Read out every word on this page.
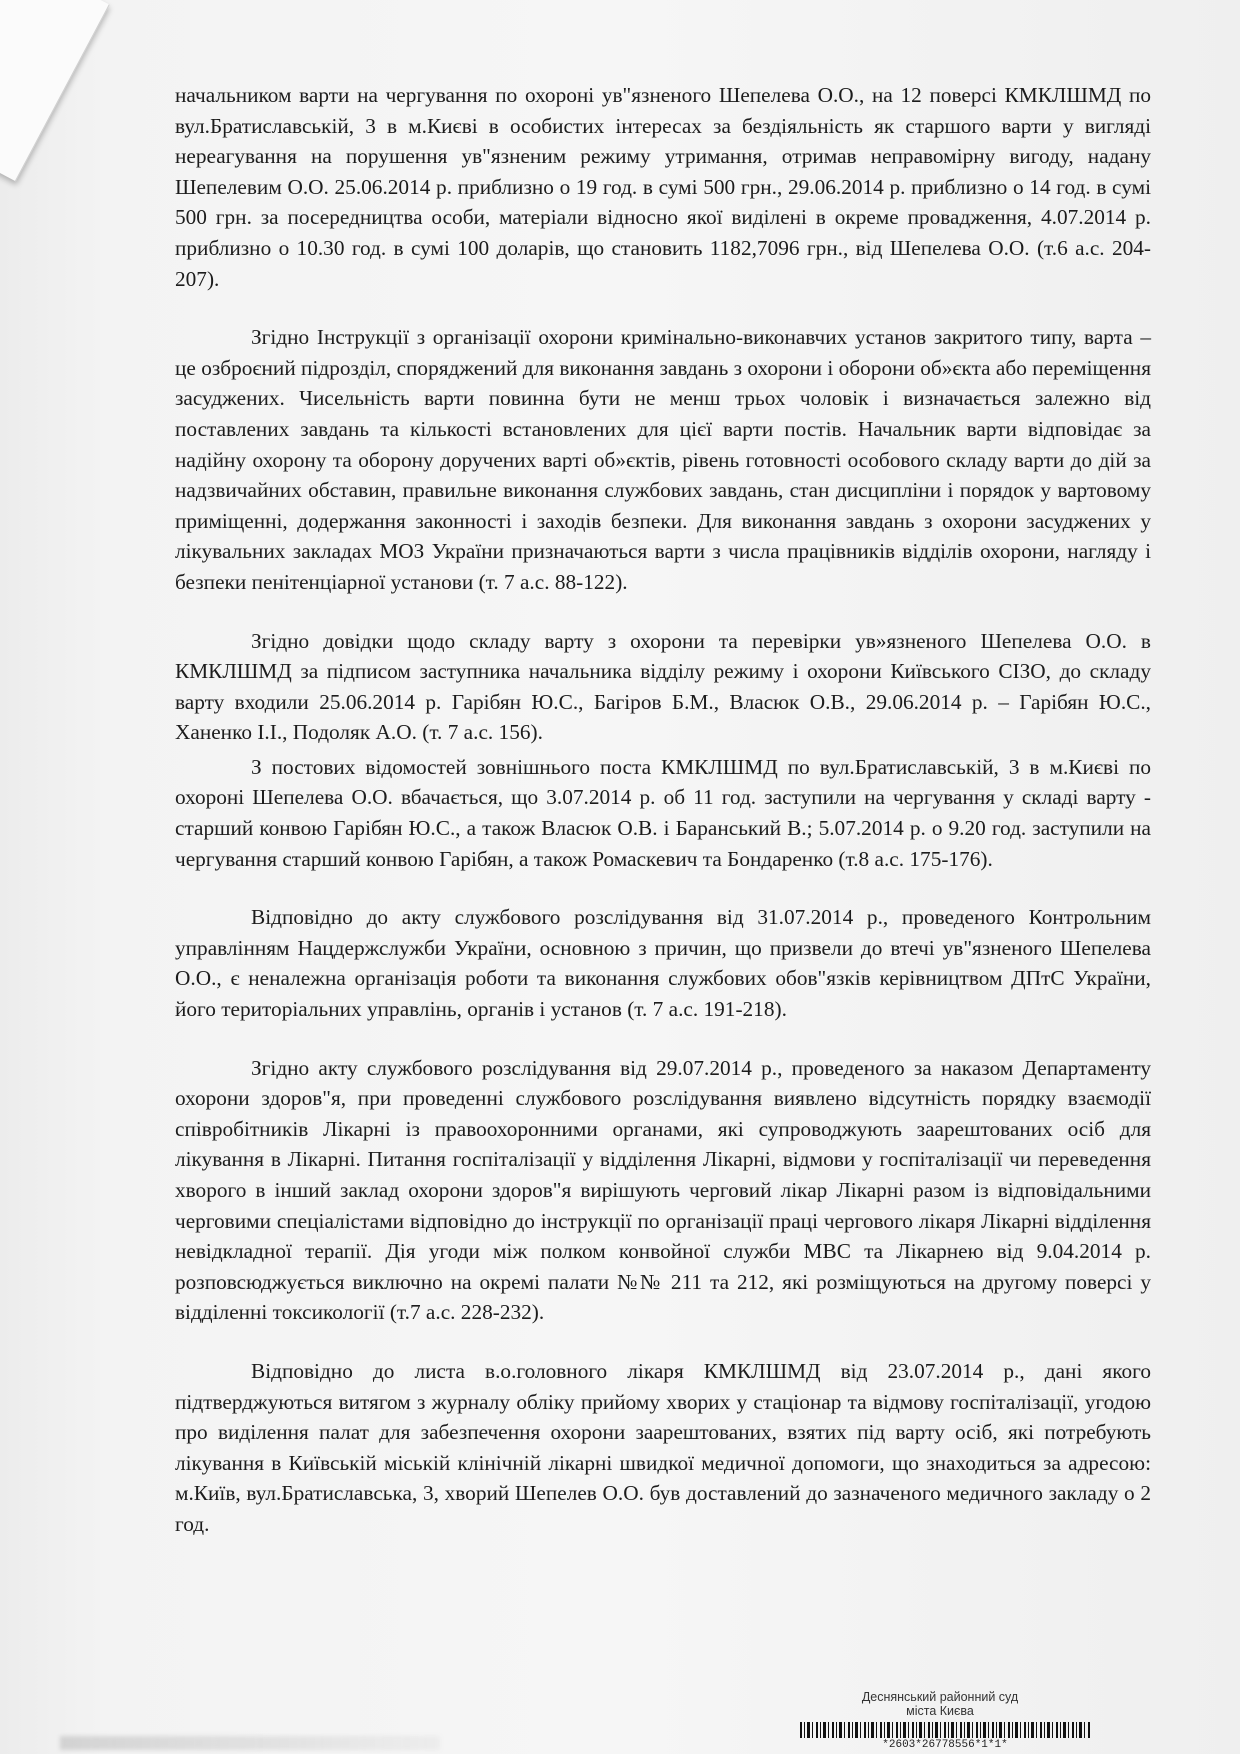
начальником варти на чергування по охороні ув"язненого Шепелева О.О., на 12 поверсі КМКЛШМД по вул.Братиславській, 3 в м.Києві в особистих інтересах за бездіяльність як старшого варти у вигляді нереагування на порушення ув"язненим режиму утримання, отримав неправомірну вигоду, надану Шепелевим О.О. 25.06.2014 р. приблизно о 19 год. в сумі 500 грн., 29.06.2014 р. приблизно о 14 год. в сумі 500 грн. за посередництва особи, матеріали відносно якої виділені в окреме провадження, 4.07.2014 р. приблизно о 10.30 год. в сумі 100 доларів, що становить 1182,7096 грн., від Шепелева О.О. (т.6 а.с. 204-207).

Згідно Інструкції з організації охорони кримінально-виконавчих установ закритого типу, варта – це озброєний підрозділ, споряджений для виконання завдань з охорони і оборони об»єкта або переміщення засуджених. Чисельність варти повинна бути не менш трьох чоловік і визначається залежно від поставлених завдань та кількості встановлених для цієї варти постів. Начальник варти відповідає за надійну охорону та оборону доручених варті об»єктів, рівень готовності особового складу варти до дій за надзвичайних обставин, правильне виконання службових завдань, стан дисципліни і порядок у вартовому приміщенні, додержання законності і заходів безпеки. Для виконання завдань з охорони засуджених у лікувальних закладах МОЗ України призначаються варти з числа працівників відділів охорони, нагляду і безпеки пенітенціарної установи (т. 7 а.с. 88-122).

Згідно довідки щодо складу варту з охорони та перевірки ув»язненого Шепелева О.О. в КМКЛШМД за підписом заступника начальника відділу режиму і охорони Київського СІЗО, до складу варту входили 25.06.2014 р. Гарібян Ю.С., Багіров Б.М., Власюк О.В., 29.06.2014 р. – Гарібян Ю.С., Ханенко І.І., Подоляк А.О. (т. 7 а.с. 156).

З постових відомостей зовнішнього поста КМКЛШМД по вул.Братиславській, 3 в м.Києві по охороні Шепелева О.О. вбачається, що 3.07.2014 р. об 11 год. заступили на чергування у складі варту - старший конвою Гарібян Ю.С., а також Власюк О.В. і Баранський В.; 5.07.2014 р. о 9.20 год. заступили на чергування старший конвою Гарібян, а також Ромаскевич та Бондаренко (т.8 а.с. 175-176).

Відповідно до акту службового розслідування від 31.07.2014 р., проведеного Контрольним управлінням Нацдержслужби України, основною з причин, що призвели до втечі ув"язненого Шепелева О.О., є неналежна організація роботи та виконання службових обов"язків керівництвом ДПтС України, його територіальних управлінь, органів і установ (т. 7 а.с. 191-218).

Згідно акту службового розслідування від 29.07.2014 р., проведеного за наказом Департаменту охорони здоров"я, при проведенні службового розслідування виявлено відсутність порядку взаємодії співробітників Лікарні із правоохоронними органами, які супроводжують заарештованих осіб для лікування в Лікарні. Питання госпіталізації у відділення Лікарні, відмови у госпіталізації чи переведення хворого в інший заклад охорони здоров"я вирішують черговий лікар Лікарні разом із відповідальними черговими спеціалістами відповідно до інструкції по організації праці чергового лікаря Лікарні відділення невідкладної терапії. Дія угоди між полком конвойної служби МВС та Лікарнею від 9.04.2014 р. розповсюджується виключно на окремі палати №№ 211 та 212, які розміщуються на другому поверсі у відділенні токсикології (т.7 а.с. 228-232).

Відповідно до листа в.о.головного лікаря КМКЛШМД від 23.07.2014 р., дані якого підтверджуються витягом з журналу обліку прийому хворих у стаціонар та відмову госпіталізації, угодою про виділення палат для забезпечення охорони заарештованих, взятих під варту осіб, які потребують лікування в Київській міській клінічній лікарні швидкої медичної допомоги, що знаходиться за адресою: м.Київ, вул.Братиславська, 3, хворий Шепелев О.О. був доставлений до зазначеного медичного закладу о 2 год.

Деснянський районний суд
міста Києва
*2603*26778556*1*1*
